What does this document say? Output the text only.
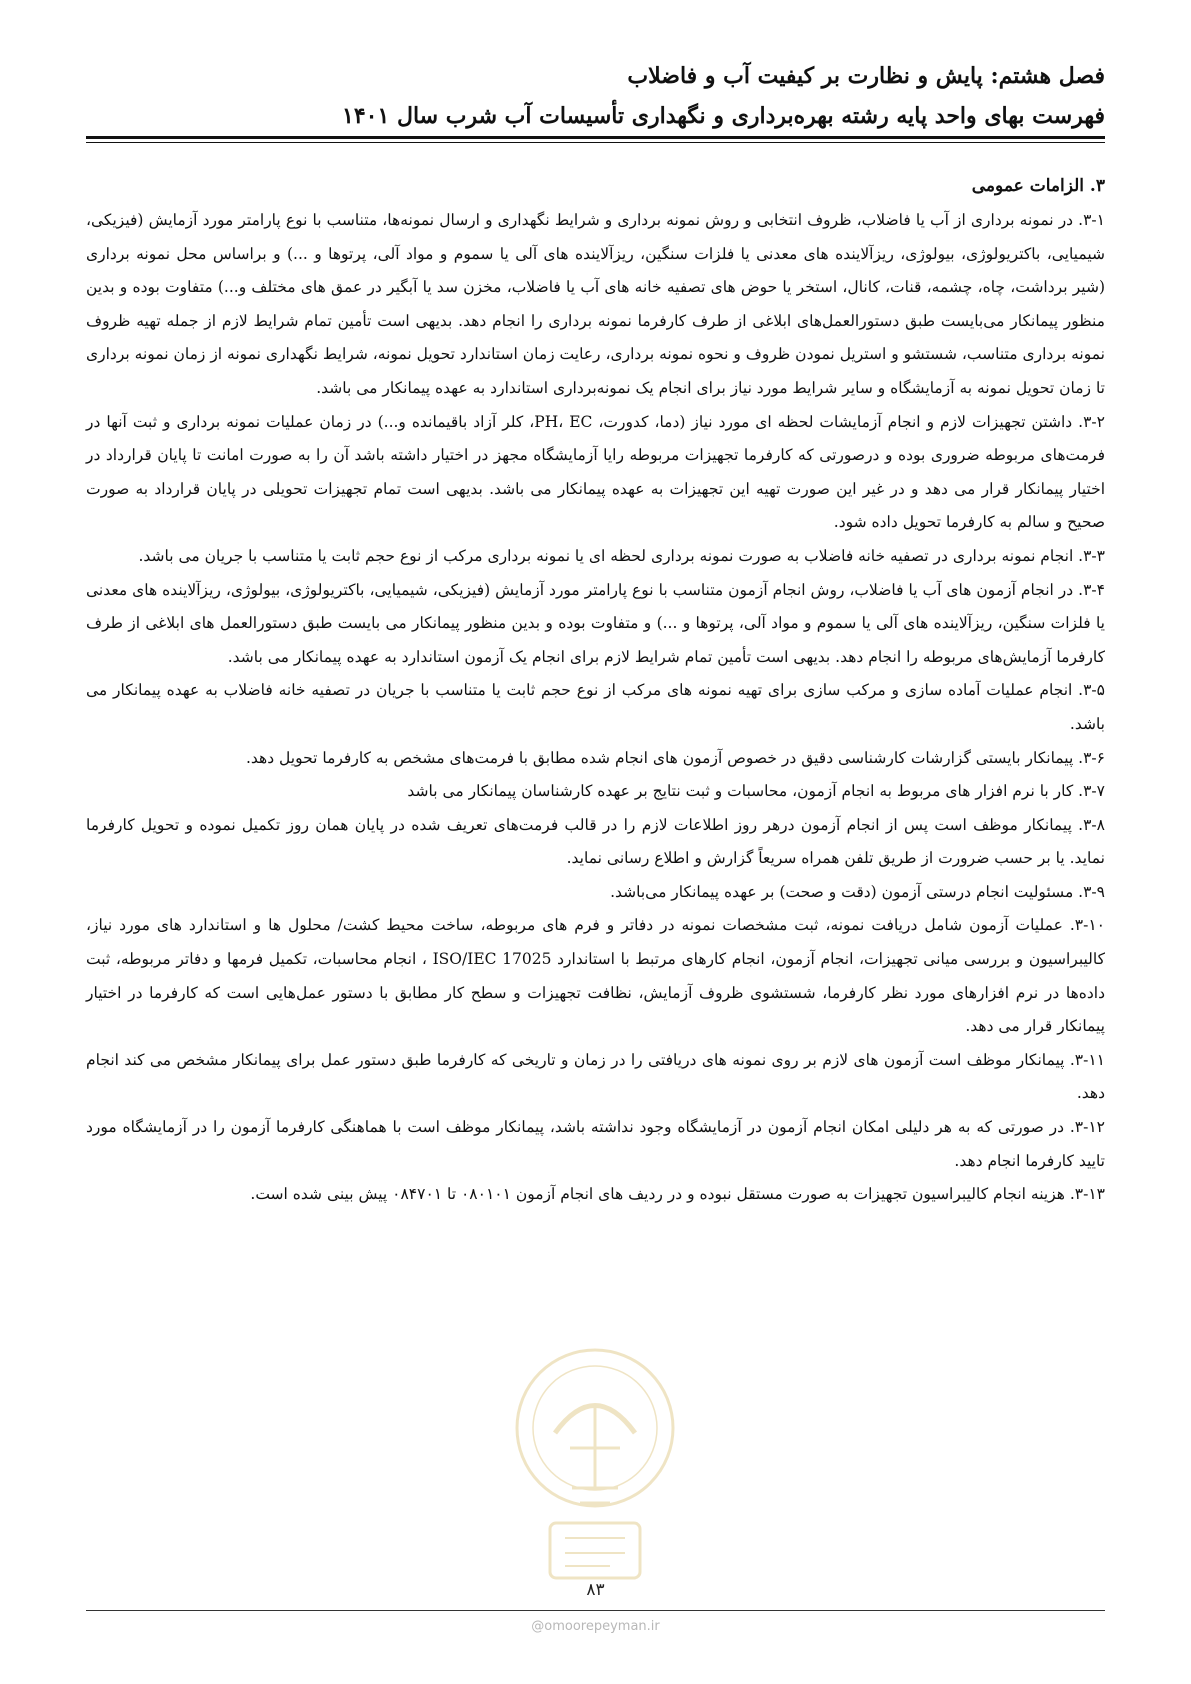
فصل هشتم: پایش و نظارت بر کیفیت آب و فاضلاب
فهرست بهای واحد پایه رشته بهره‌برداری و نگهداری تأسیسات آب شرب سال ۱۴۰۱
۳. الزامات عمومی

۳-۱. در نمونه برداری از آب یا فاضلاب، ظروف انتخابی و روش نمونه برداری و شرایط نگهداری و ارسال نمونه‌ها، متناسب با نوع پارامتر مورد آزمایش (فیزیکی، شیمیایی، باکتریولوژی، بیولوژی، ریزآلاینده های معدنی یا فلزات سنگین، ریزآلاینده های آلی یا سموم و مواد آلی، پرتوها و ...) و براساس محل نمونه برداری (شیر برداشت، چاه، چشمه، قنات، کانال، استخر یا حوض های تصفیه خانه های آب یا فاضلاب، مخزن سد یا آبگیر در عمق های مختلف و...) متفاوت بوده و بدین منظور پیمانکار می‌بایست طبق دستورالعمل‌های ابلاغی از طرف کارفرما نمونه برداری را انجام دهد. بدیهی است تأمین تمام شرایط لازم از جمله تهیه ظروف نمونه برداری متناسب، شستشو و استریل نمودن ظروف و نحوه نمونه برداری، رعایت زمان استاندارد تحویل نمونه، شرایط نگهداری نمونه از زمان نمونه برداری تا زمان تحویل نمونه به آزمایشگاه و سایر شرایط مورد نیاز برای انجام یک نمونه‌برداری استاندارد به عهده پیمانکار می باشد.

۳-۲. داشتن تجهیزات لازم و انجام آزمایشات لحظه ای مورد نیاز (دما، کدورت، PH، EC، کلر آزاد باقیمانده و...) در زمان عملیات نمونه برداری و ثبت آنها در فرمت‌های مربوطه ضروری بوده و درصورتی که کارفرما تجهیزات مربوطه رایا آزمایشگاه مجهز در اختیار داشته باشد آن را به صورت امانت تا پایان قرارداد در اختیار پیمانکار قرار می دهد و در غیر این صورت تهیه این تجهیزات به عهده پیمانکار می باشد. بدیهی است تمام تجهیزات تحویلی در پایان قرارداد به صورت صحیح و سالم به کارفرما تحویل داده شود.

۳-۳. انجام نمونه برداری در تصفیه خانه فاضلاب به صورت نمونه برداری لحظه ای یا نمونه برداری مرکب از نوع حجم ثابت یا متناسب با جریان می باشد.

۳-۴. در انجام آزمون های آب یا فاضلاب، روش انجام آزمون متناسب با نوع پارامتر مورد آزمایش (فیزیکی، شیمیایی، باکتریولوژی، بیولوژی، ریزآلاینده های معدنی یا فلزات سنگین، ریزآلاینده های آلی یا سموم و مواد آلی، پرتوها و ...) و متفاوت بوده و بدین منظور پیمانکار می بایست طبق دستورالعمل های ابلاغی از طرف کارفرما آزمایش‌های مربوطه را انجام دهد. بدیهی است تأمین تمام شرایط لازم برای انجام یک آزمون استاندارد به عهده پیمانکار می باشد.

۳-۵. انجام عملیات آماده سازی و مرکب سازی برای تهیه نمونه های مرکب از نوع حجم ثابت یا متناسب با جریان در تصفیه خانه فاضلاب به عهده پیمانکار می باشد.

۳-۶. پیمانکار بایستی گزارشات کارشناسی دقیق در خصوص آزمون های انجام شده مطابق با فرمت‌های مشخص به کارفرما تحویل دهد.

۳-۷. کار با نرم افزار های مربوط به انجام آزمون، محاسبات و ثبت نتایج بر عهده کارشناسان پیمانکار می باشد

۳-۸. پیمانکار موظف است پس از انجام آزمون درهر روز اطلاعات لازم را در قالب فرمت‌های تعریف شده در پایان همان روز تکمیل نموده و تحویل کارفرما نماید. یا بر حسب ضرورت از طریق تلفن همراه سریعاً گزارش و اطلاع رسانی نماید.

۳-۹. مسئولیت انجام درستی آزمون (دقت و صحت) بر عهده پیمانکار می‌باشد.

۳-۱۰. عملیات آزمون شامل دریافت نمونه، ثبت مشخصات نمونه در دفاتر و فرم های مربوطه، ساخت محیط کشت/ محلول ها و استاندارد های مورد نیاز، کالیبراسیون و بررسی میانی تجهیزات، انجام آزمون، انجام کارهای مرتبط با استاندارد ISO/IEC 17025 ، انجام محاسبات، تکمیل فرمها و دفاتر مربوطه، ثبت داده‌ها در نرم افزارهای مورد نظر کارفرما، شستشوی ظروف آزمایش، نظافت تجهیزات و سطح کار مطابق با دستور عمل‌هایی است که کارفرما در اختیار پیمانکار قرار می دهد.

۳-۱۱. پیمانکار موظف است آزمون های لازم بر روی نمونه های دریافتی را در زمان و تاریخی که کارفرما طبق دستور عمل برای پیمانکار مشخص می کند انجام دهد.

۳-۱۲. در صورتی که به هر دلیلی امکان انجام آزمون در آزمایشگاه وجود نداشته باشد، پیمانکار موظف است با هماهنگی کارفرما آزمون را در آزمایشگاه مورد تایید کارفرما انجام دهد.

۳-۱۳. هزینه انجام کالیبراسیون تجهیزات به صورت مستقل نبوده و در ردیف های انجام آزمون ۰۸۰۱۰۱ تا ۰۸۴۷۰۱ پیش بینی شده است.

۸۳
@omoorepeyman.ir
